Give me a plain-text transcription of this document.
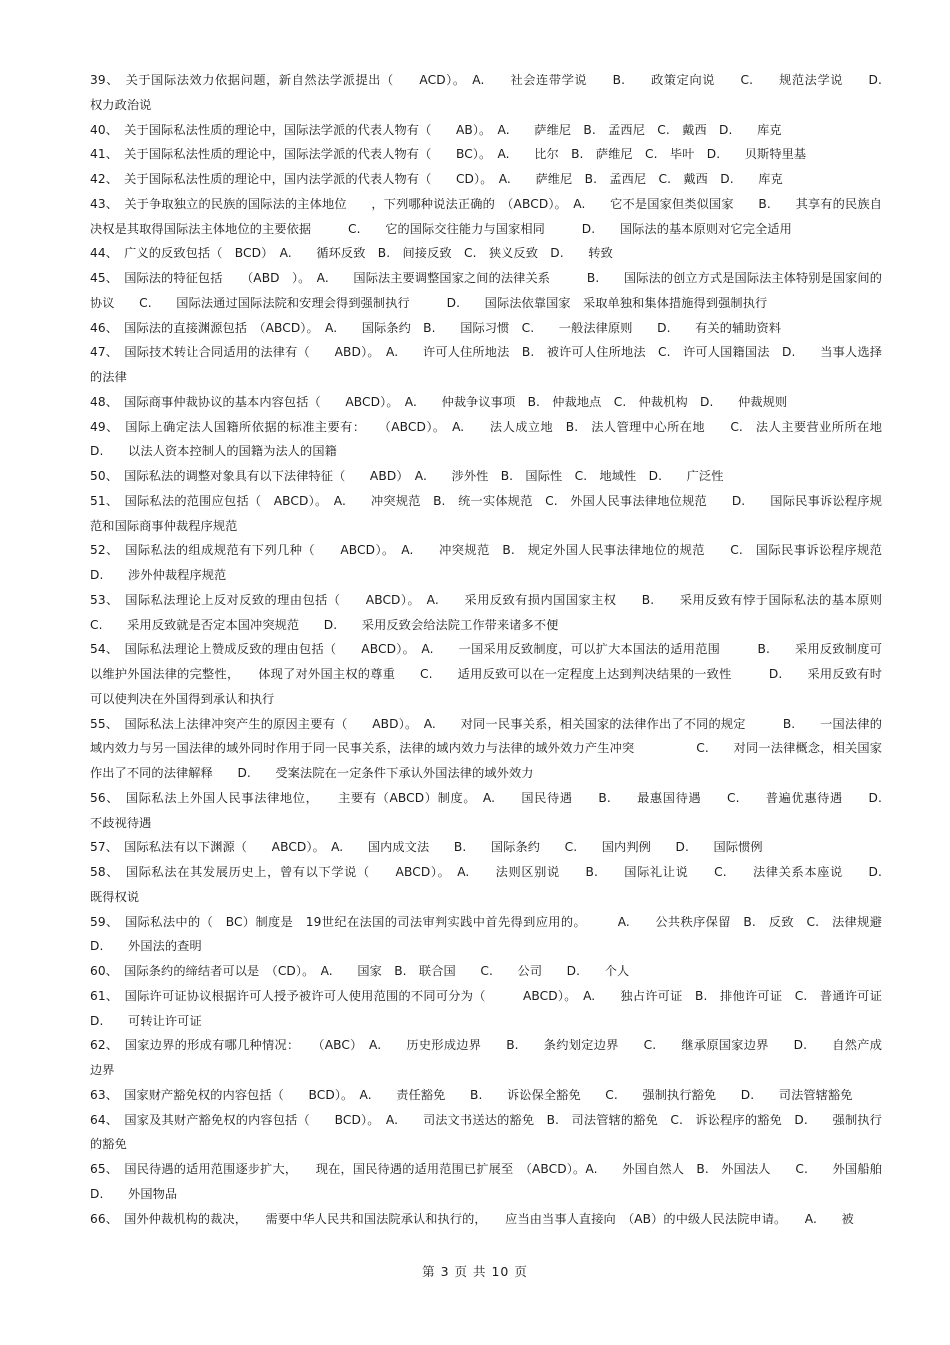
39、　关于国际法效力依据问题，新自然法学派提出（　　ACD）。　A.　　社会连带学说　　B.　　政策定向说　　C.　　规范法学说　　D.　　权力政治说
40、　关于国际私法性质的理论中，国际法学派的代表人物有（　　AB）。　A.　　萨维尼　B.　孟西尼　C.　戴西　D.　　库克
41、　关于国际私法性质的理论中，国际法学派的代表人物有（　　BC）。　A.　　比尔　B.　萨维尼　C.　毕叶　D.　　贝斯特里基
42、　关于国际私法性质的理论中，国内法学派的代表人物有（　　CD）。　A.　　萨维尼　B.　孟西尼　C.　戴西　D.　　库克
43、　关于争取独立的民族的国际法的主体地位　　，下列哪种说法正确的　（ABCD）。　A.　　它不是国家但类似国家　　B.　　其享有的民族自决权是其取得国际法主体地位的主要依据　　　C.　　它的国际交往能力与国家相同　　　D.　　国际法的基本原则对它完全适用
44、　广义的反致包括（　BCD）　A.　　循环反致　B.　间接反致　C.　狭义反致　D.　　转致
45、　国际法的特征包括　　（ABD　）。　A.　　国际法主要调整国家之间的法律关系　　　B.　　国际法的创立方式是国际法主体特别是国家间的协议　　C.　　国际法通过国际法院和安理会得到强制执行　　　D.　　国际法依靠国家　采取单独和集体措施得到强制执行
46、　国际法的直接渊源包括　（ABCD）。　A.　　国际条约　B.　　国际习惯　C.　　一般法律原则　　D.　　有关的辅助资料
47、　国际技术转让合同适用的法律有（　　ABD）。　A.　　许可人住所地法　B.　被许可人住所地法　C.　许可人国籍国法　D.　　当事人选择的法律
48、　国际商事仲裁协议的基本内容包括（　　ABCD）。　A.　　仲裁争议事项　B.　仲裁地点　C.　仲裁机构　D.　　仲裁规则
49、　国际上确定法人国籍所依据的标准主要有：　　（ABCD）。　A.　　法人成立地　B.　法人管理中心所在地　　C.　法人主要营业所所在地　D.　　以法人资本控制人的国籍为法人的国籍
50、　国际私法的调整对象具有以下法律特征（　　ABD）　A.　　涉外性　B.　国际性　C.　地域性　D.　　广泛性
51、　国际私法的范围应包括（　ABCD）。　A.　　冲突规范　B.　统一实体规范　C.　外国人民事法律地位规范　　D.　　国际民事诉讼程序规范和国际商事仲裁程序规范
52、　国际私法的组成规范有下列几种（　　ABCD）。　A.　　冲突规范　B.　规定外国人民事法律地位的规范　　C.　国际民事诉讼程序规范　D.　　涉外仲裁程序规范
53、　国际私法理论上反对反致的理由包括（　　ABCD）。　A.　　采用反致有损内国国家主权　　B.　　采用反致有悖于国际私法的基本原则　C.　　采用反致就是否定本国冲突规范　　D.　　采用反致会给法院工作带来诸多不便
54、　国际私法理论上赞成反致的理由包括（　　ABCD）。　A.　　一国采用反致制度，可以扩大本国法的适用范围　　　B.　　采用反致制度可以维护外国法律的完整性，　　体现了对外国主权的尊重　　C.　　适用反致可以在一定程度上达到判决结果的一致性　　　D.　　采用反致有时可以使判决在外国得到承认和执行
55、　国际私法上法律冲突产生的原因主要有（　　ABD）。　A.　　对同一民事关系，相关国家的法律作出了不同的规定　　　B.　　一国法律的域内效力与另一国法律的域外同时作用于同一民事关系，法律的域内效力与法律的域外效力产生冲突　　　　　C.　　对同一法律概念，相关国家作出了不同的法律解释　　D.　　受案法院在一定条件下承认外国法律的域外效力
56、　国际私法上外国人民事法律地位，　　主要有（ABCD）制度。　A.　　国民待遇　　B.　　最惠国待遇　　C.　　普遍优惠待遇　　D.　　不歧视待遇
57、　国际私法有以下渊源（　　ABCD）。　A.　　国内成文法　　B.　　国际条约　　C.　　国内判例　　D.　　国际惯例
58、　国际私法在其发展历史上，曾有以下学说（　　ABCD）。　A.　　法则区别说　　B.　　国际礼让说　　C.　　法律关系本座说　　D.　　既得权说
59、　国际私法中的（　BC）制度是　19世纪在法国的司法审判实践中首先得到应用的。　　　A.　　公共秩序保留　B.　反致　C.　法律规避　D.　　外国法的查明
60、　国际条约的缔结者可以是　（CD）。　A.　　国家　B.　联合国　　C.　　公司　　D.　　个人
61、　国际许可证协议根据许可人授予被许可人使用范围的不同可分为（　　　ABCD）。　A.　　独占许可证　B.　排他许可证　C.　普通许可证　D.　　可转让许可证
62、　国家边界的形成有哪几种情况：　　（ABC）　A.　　历史形成边界　　B.　　条约划定边界　　C.　　继承原国家边界　　D.　　自然产成边界
63、　国家财产豁免权的内容包括（　　BCD）。　A.　　责任豁免　　B.　　诉讼保全豁免　　C.　　强制执行豁免　　D.　　司法管辖豁免
64、　国家及其财产豁免权的内容包括（　　BCD）。　A.　　司法文书送达的豁免　B.　司法管辖的豁免　C.　诉讼程序的豁免　D.　　强制执行的豁免
65、　国民待遇的适用范围逐步扩大，　　现在，国民待遇的适用范围已扩展至　（ABCD）。A.　　外国自然人　B.　外国法人　　C.　　外国船舶　D.　　外国物品
66、　国外仲裁机构的裁决，　　需要中华人民共和国法院承认和执行的，　　应当由当事人直接向　（AB）的中级人民法院申请。　　A.　　被
第 3 页 共 10 页
